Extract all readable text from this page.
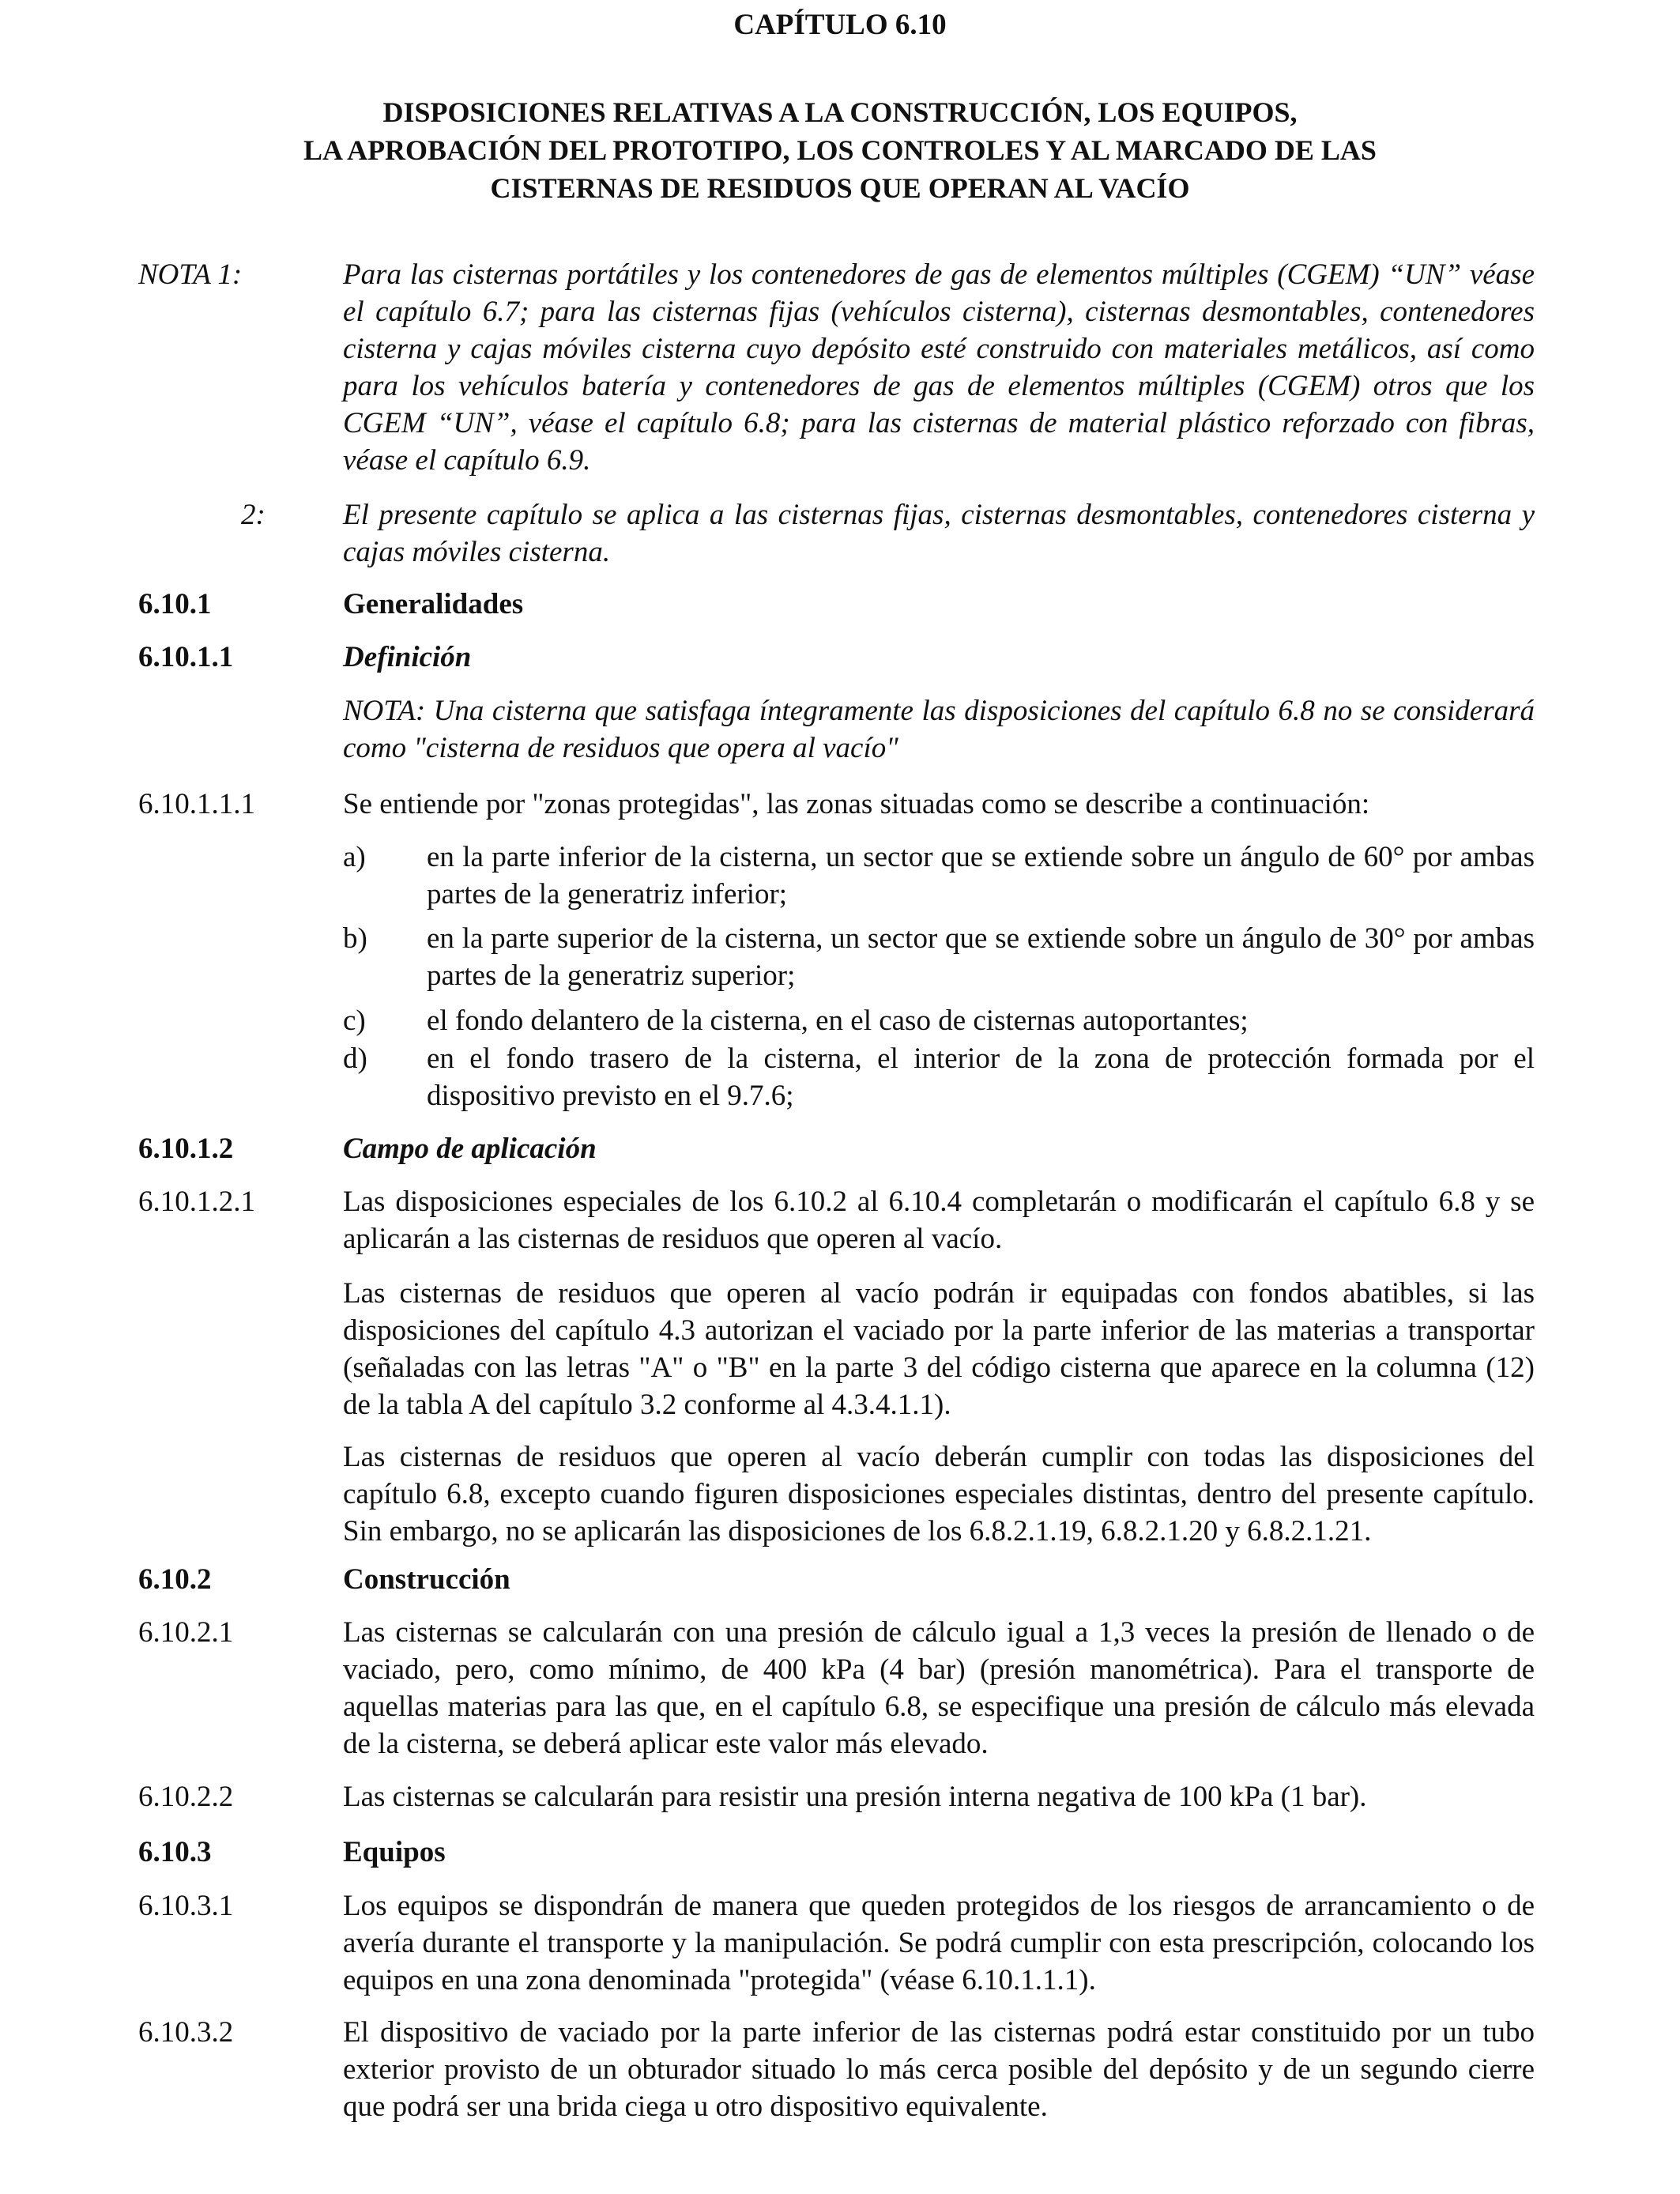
CAPÍTULO 6.10
DISPOSICIONES RELATIVAS A LA CONSTRUCCIÓN, LOS EQUIPOS,
LA APROBACIÓN DEL PROTOTIPO, LOS CONTROLES Y AL MARCADO DE LAS
CISTERNAS DE RESIDUOS QUE OPERAN AL VACÍO
NOTA 1:	Para las cisternas portátiles y los contenedores de gas de elementos múltiples (CGEM) “UN” véase el capítulo 6.7; para las cisternas fijas (vehículos cisterna), cisternas desmontables, contenedores cisterna y cajas móviles cisterna cuyo depósito esté construido con materiales metálicos, así como para los vehículos batería y contenedores de gas de elementos múltiples (CGEM) otros que los CGEM “UN”, véase el capítulo 6.8; para las cisternas de material plástico reforzado con fibras, véase el capítulo 6.9.

2:	El presente capítulo se aplica a las cisternas fijas, cisternas desmontables, contenedores cisterna y cajas móviles cisterna.

6.10.1	Generalidades
6.10.1.1	Definición

NOTA: Una cisterna que satisfaga íntegramente las disposiciones del capítulo 6.8 no se considerará como "cisterna de residuos que opera al vacío"

6.10.1.1.1	Se entiende por "zonas protegidas", las zonas situadas como se describe a continuación:

a) en la parte inferior de la cisterna, un sector que se extiende sobre un ángulo de 60° por ambas partes de la generatriz inferior;

b) en la parte superior de la cisterna, un sector que se extiende sobre un ángulo de 30° por ambas partes de la generatriz superior;

c) el fondo delantero de la cisterna, en el caso de cisternas autoportantes;

d) en el fondo trasero de la cisterna, el interior de la zona de protección formada por el dispositivo previsto en el 9.7.6;

6.10.1.2	Campo de aplicación
6.10.1.2.1	Las disposiciones especiales de los 6.10.2 al 6.10.4 completarán o modificarán el capítulo 6.8 y se aplicarán a las cisternas de residuos que operen al vacío.

Las cisternas de residuos que operen al vacío podrán ir equipadas con fondos abatibles, si las disposiciones del capítulo 4.3 autorizan el vaciado por la parte inferior de las materias a transportar (señaladas con las letras "A" o "B" en la parte 3 del código cisterna que aparece en la columna (12) de la tabla A del capítulo 3.2 conforme al 4.3.4.1.1).

Las cisternas de residuos que operen al vacío deberán cumplir con todas las disposiciones del capítulo 6.8, excepto cuando figuren disposiciones especiales distintas, dentro del presente capítulo. Sin embargo, no se aplicarán las disposiciones de los 6.8.2.1.19, 6.8.2.1.20 y 6.8.2.1.21.

6.10.2	Construcción
6.10.2.1	Las cisternas se calcularán con una presión de cálculo igual a 1,3 veces la presión de llenado o de vaciado, pero, como mínimo, de 400 kPa (4 bar) (presión manométrica). Para el transporte de aquellas materias para las que, en el capítulo 6.8, se especifique una presión de cálculo más elevada de la cisterna, se deberá aplicar este valor más elevado.

6.10.2.2	Las cisternas se calcularán para resistir una presión interna negativa de 100 kPa (1 bar).

6.10.3	Equipos
6.10.3.1	Los equipos se dispondrán de manera que queden protegidos de los riesgos de arrancamiento o de avería durante el transporte y la manipulación. Se podrá cumplir con esta prescripción, colocando los equipos en una zona denominada "protegida" (véase 6.10.1.1.1).

6.10.3.2	El dispositivo de vaciado por la parte inferior de las cisternas podrá estar constituido por un tubo exterior provisto de un obturador situado lo más cerca posible del depósito y de un segundo cierre que podrá ser una brida ciega u otro dispositivo equivalente.
